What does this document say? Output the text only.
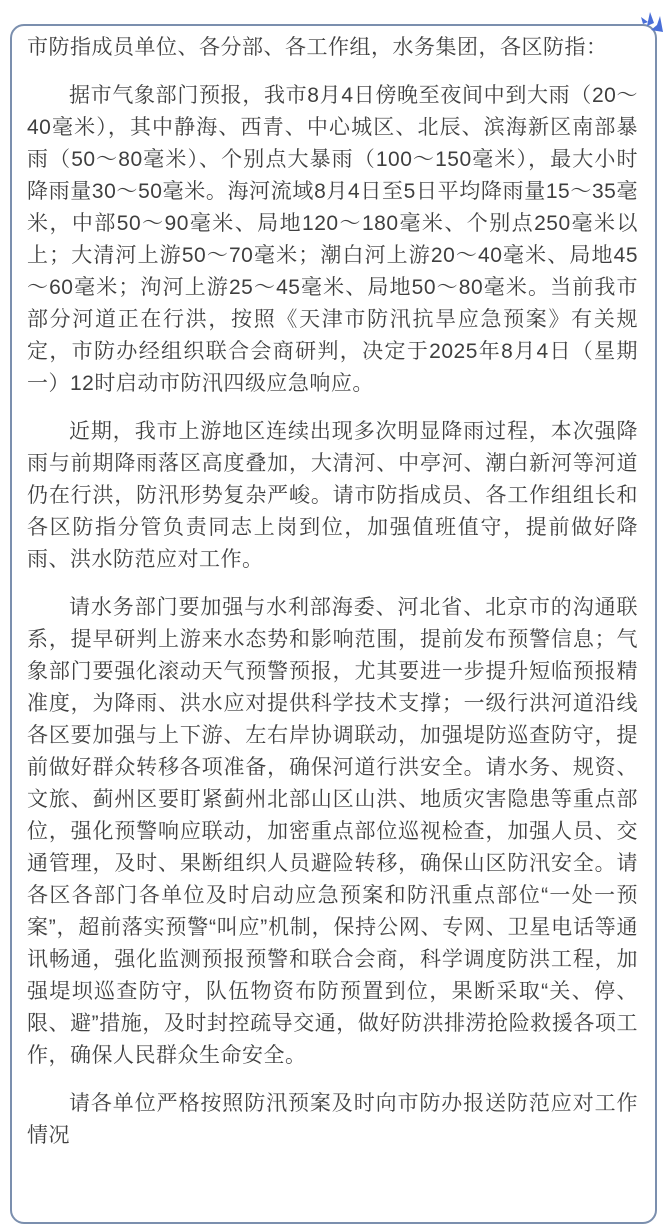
市防指成员单位、各分部、各工作组，水务集团，各区防指：

据市气象部门预报，我市8月4日傍晚至夜间中到大雨（20～40毫米），其中静海、西青、中心城区、北辰、滨海新区南部暴雨（50～80毫米）、个别点大暴雨（100～150毫米），最大小时降雨量30～50毫米。海河流域8月4日至5日平均降雨量15～35毫米，中部50～90毫米、局地120～180毫米、个别点250毫米以上；大清河上游50～70毫米；潮白河上游20～40毫米、局地45～60毫米；泃河上游25～45毫米、局地50～80毫米。当前我市部分河道正在行洪，按照《天津市防汛抗旱应急预案》有关规定，市防办经组织联合会商研判，决定于2025年8月4日（星期一）12时启动市防汛四级应急响应。

近期，我市上游地区连续出现多次明显降雨过程，本次强降雨与前期降雨落区高度叠加，大清河、中亭河、潮白新河等河道仍在行洪，防汛形势复杂严峻。请市防指成员、各工作组组长和各区防指分管负责同志上岗到位，加强值班值守，提前做好降雨、洪水防范应对工作。

请水务部门要加强与水利部海委、河北省、北京市的沟通联系，提早研判上游来水态势和影响范围，提前发布预警信息；气象部门要强化滚动天气预警预报，尤其要进一步提升短临预报精准度，为降雨、洪水应对提供科学技术支撑；一级行洪河道沿线各区要加强与上下游、左右岸协调联动，加强堤防巡查防守，提前做好群众转移各项准备，确保河道行洪安全。请水务、规资、文旅、蓟州区要盯紧蓟州北部山区山洪、地质灾害隐患等重点部位，强化预警响应联动，加密重点部位巡视检查，加强人员、交通管理，及时、果断组织人员避险转移，确保山区防汛安全。请各区各部门各单位及时启动应急预案和防汛重点部位“一处一预案”，超前落实预警“叫应”机制，保持公网、专网、卫星电话等通讯畅通，强化监测预报预警和联合会商，科学调度防洪工程，加强堤坝巡查防守，队伍物资布防预置到位，果断采取“关、停、限、避”措施，及时封控疏导交通，做好防洪排涝抢险救援各项工作，确保人民群众生命安全。

请各单位严格按照防汛预案及时向市防办报送防范应对工作情况
